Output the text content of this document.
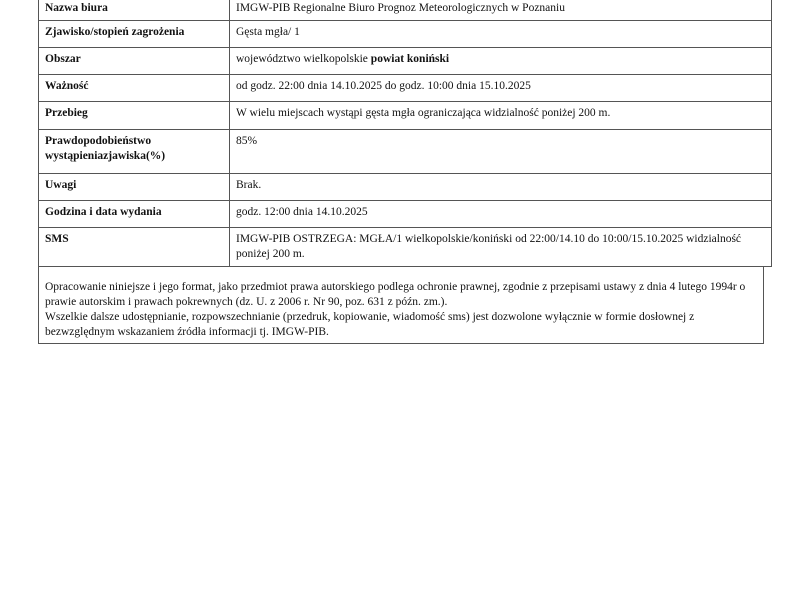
Nazwa biura	IMGW-PIB Regionalne Biuro Prognoz Meteorologicznych w Poznaniu
Zjawisko/stopień zagrożenia	Gęsta mgła/ 1
Obszar	województwo wielkopolskie powiat koniński
Ważność	od godz. 22:00 dnia 14.10.2025 do godz. 10:00 dnia 15.10.2025
Przebieg	W wielu miejscach wystąpi gęsta mgła ograniczająca widzialność poniżej 200 m.
Prawdopodobieństwo wystąpieniazjawiska(%)	85%
Uwagi	Brak.
Godzina i data wydania	godz. 12:00 dnia 14.10.2025
SMS	IMGW-PIB OSTRZEGA: MGŁA/1 wielkopolskie/koniński od 22:00/14.10 do 10:00/15.10.2025 widzialność poniżej 200 m.

Opracowanie niniejsze i jego format, jako przedmiot prawa autorskiego podlega ochronie prawnej, zgodnie z przepisami ustawy z dnia 4 lutego 1994r o prawie autorskim i prawach pokrewnych (dz. U. z 2006 r. Nr 90, poz. 631 z późn. zm.).

Wszelkie dalsze udostępnianie, rozpowszechnianie (przedruk, kopiowanie, wiadomość sms) jest dozwolone wyłącznie w formie dosłownej z bezwzględnym wskazaniem źródła informacji tj. IMGW-PIB.
